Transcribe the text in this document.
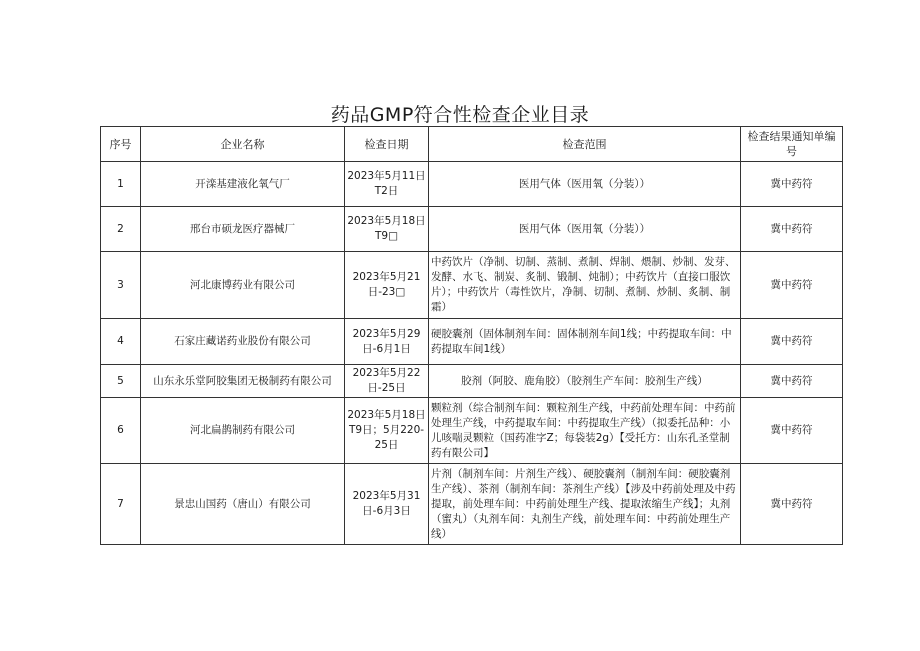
药品GMP符合性检查企业目录
序号	企业名称	检查日期	检查范围	检查结果通知单编号
1	开滦基建液化氧气厂	2023年5月11日T2日	医用气体（医用氧（分装））	冀中药符
2	邢台市硕龙医疗器械厂	2023年5月18日T9□	医用气体（医用氧（分装））	冀中药符
3	河北康博药业有限公司	2023年5月21日-23□	中药饮片（净制、切制、蒸制、煮制、焊制、煨制、炒制、发芽、发酵、水飞、制炭、炙制、锻制、炖制）；中药饮片（直接口服饮片）；中药饮片（毒性饮片，净制、切制、煮制、炒制、炙制、制霜）	冀中药符
4	石家庄藏诺药业股份有限公司	2023年5月29日-6月1日	硬胶囊剂（固体制剂车间：固体制剂车间1线；中药提取车间：中药提取车间1线）	冀中药符
5	山东永乐堂阿胶集团无极制药有限公司	2023年5月22日-25日	胶剂（阿胶、鹿角胶）（胶剂生产车间：胶剂生产线）	冀中药符
6	河北扁鹊制药有限公司	2023年5月18日T9日；5月220-25日	颗粒剂（综合制剂车间：颗粒剂生产线，中药前处理车间：中药前处理生产线，中药提取车间：中药提取生产线）（拟委托品种：小儿咳喘灵颗粒（国药准字Z；每袋装2g）【受托方：山东孔圣堂制药有限公司】	冀中药符
7	景忠山国药（唐山）有限公司	2023年5月31日-6月3日	片剂（制剂车间：片剂生产线）、硬胶囊剂（制剂车间：硬胶囊剂生产线）、茶剂（制剂车间：茶剂生产线）【涉及中药前处理及中药提取，前处理车间：中药前处理生产线、提取浓缩生产线】；丸剂（蜜丸）（丸剂车间：丸剂生产线，前处理车间：中药前处理生产线）	冀中药符
